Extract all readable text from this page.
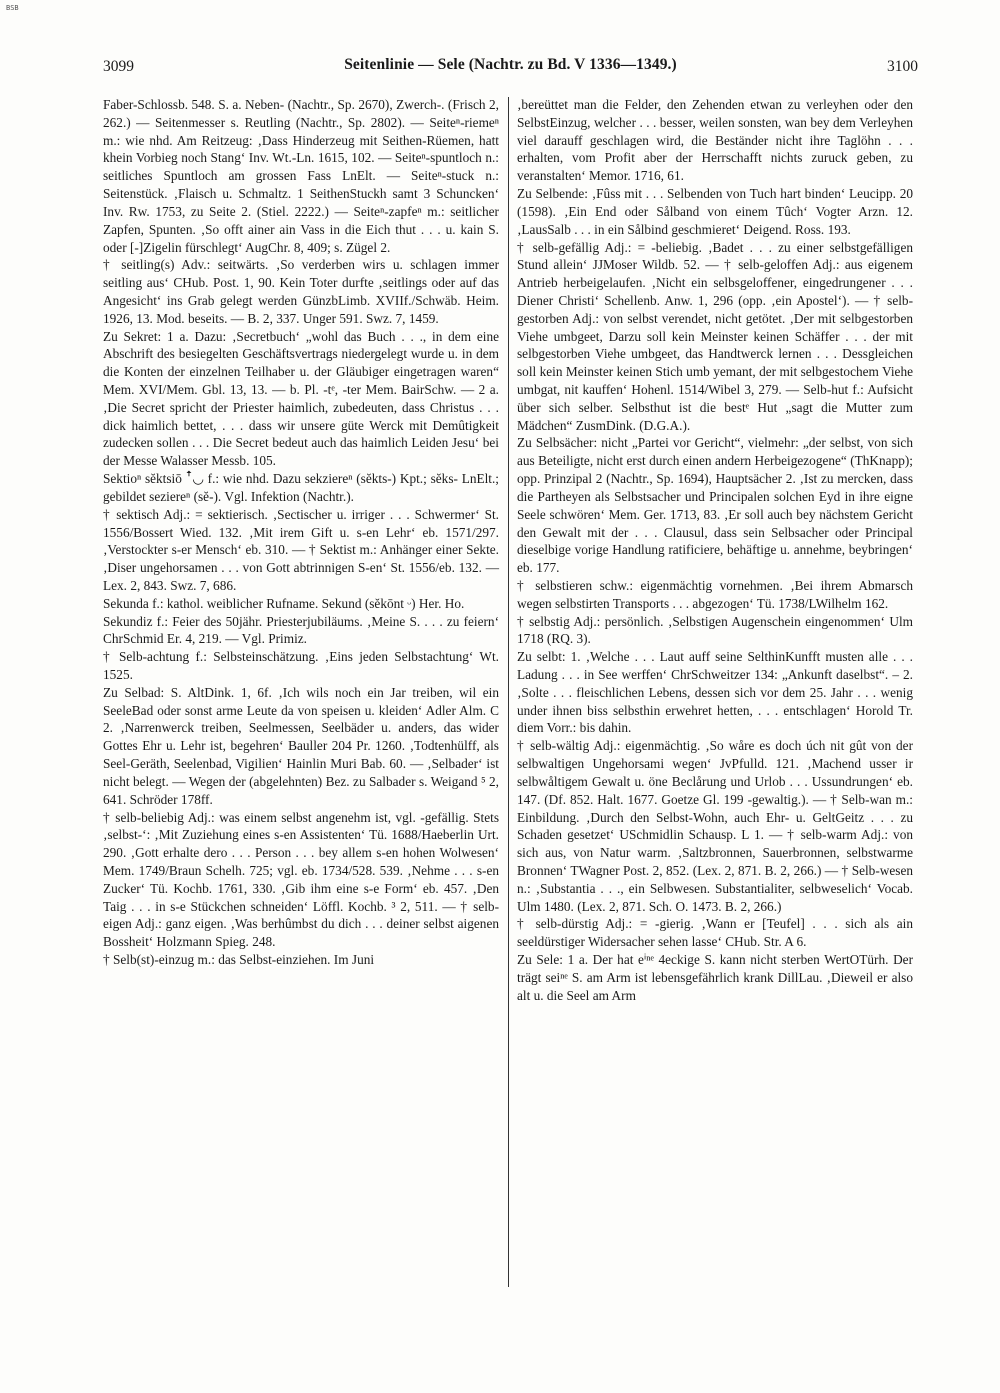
BSB
3099	Seitenlinie — Sele (Nachtr. zu Bd. V 1336—1349.)	3100

Faber-Schlossb. 548. S. a. Neben- (Nachtr., Sp. 2670), Zwerch-. (Frisch 2, 262.) — Seitenmesser s. Reutling (Nachtr., Sp. 2802). — Seiteⁿ-riemeⁿ m.: wie nhd. Am Reitzeug: ‚Dass Hinderzeug mit Seithen-Rüemen, hatt khein Vorbieg noch Stang‘ Inv. Wt.-Ln. 1615, 102. — Seiteⁿ-spuntloch n.: seitliches Spuntloch am grossen Fass LnElt. — Seiteⁿ-stuck n.: Seitenstück. ‚Flaisch u. Schmaltz. 1 SeithenStuckh samt 3 Schuncken‘ Inv. Rw. 1753, zu Seite 2. (Stiel. 2222.) — Seiteⁿ-zapfeⁿ m.: seitlicher Zapfen, Spunten. ‚So offt ainer ain Vass in die Eich thut . . . u. kain S. oder [-]Zigelin fürschlegt‘ AugChr. 8, 409; s. Zügel 2.

† seitling(s) Adv.: seitwärts. ‚So verderben wirs u. schlagen immer seitling aus‘ CHub. Post. 1, 90. Kein Toter durfte ‚seitlings oder auf das Angesicht‘ ins Grab gelegt werden GünzbLimb. XVIIf./Schwäb. Heim. 1926, 13. Mod. beseits. — B. 2, 337. Unger 591. Swz. 7, 1459.

Zu Sekret: 1 a. Dazu: ‚Secretbuch‘ „wohl das Buch . . ., in dem eine Abschrift des besiegelten Geschäftsvertrags niedergelegt wurde u. in dem die Konten der einzelnen Teilhaber u. der Gläubiger eingetragen waren“ Mem. XVI/Mem. Gbl. 13, 13. — b. Pl. -tᵉ, -ter Mem. BairSchw. — 2 a. ‚Die Secret spricht der Priester haimlich, zubedeuten, dass Christus . . . dick haimlich bettet, . . . dass wir unsere güte Werck mit Demûtigkeit zudecken sollen . . . Die Secret bedeut auch das haimlich Leiden Jesu‘ bei der Messe Walasser Messb. 105.

Sektioⁿ sĕktsiō ꜛ◡ f.: wie nhd. Dazu sekziereⁿ (sĕkts-) Kpt.; sĕks- LnElt.; gebildet seziereⁿ (sĕ-). Vgl. Infektion (Nachtr.).

† sektisch Adj.: = sektierisch. ‚Sectischer u. irriger . . . Schwermer‘ St. 1556/Bossert Wied. 132. ‚Mit irem Gift u. s-en Lehr‘ eb. 1571/297. ‚Verstockter s-er Mensch‘ eb. 310. — † Sektist m.: Anhänger einer Sekte. ‚Diser ungehorsamen . . . von Gott abtrinnigen S-en‘ St. 1556/eb. 132. — Lex. 2, 843. Swz. 7, 686.

Sekunda f.: kathol. weiblicher Rufname. Sekund (sĕkōnt ᵕ) Her. Ho.

Sekundiz f.: Feier des 50jähr. Priesterjubiläums. ‚Meine S. . . . zu feiern‘ ChrSchmid Er. 4, 219. — Vgl. Primiz.

† Selb-achtung f.: Selbsteinschätzung. ‚Eins jeden Selbstachtung‘ Wt. 1525.

Zu Selbad: S. AltDink. 1, 6f. ‚Ich wils noch ein Jar treiben, wil ein SeeleBad oder sonst arme Leute da von speisen u. kleiden‘ Adler Alm. C 2. ‚Narrenwerck treiben, Seelmessen, Seelbäder u. anders, das wider Gottes Ehr u. Lehr ist, begehren‘ Bauller 204 Pr. 1260. ‚Todtenhülff, als Seel-Geräth, Seelenbad, Vigilien‘ Hainlin Muri Bab. 60. — ‚Selbader‘ ist nicht belegt. — Wegen der (abgelehnten) Bez. zu Salbader s. Weigand ⁵ 2, 641. Schröder 178ff.

† selb-beliebig Adj.: was einem selbst angenehm ist, vgl. -gefällig. Stets ‚selbst-‘: ‚Mit Zuziehung eines s-en Assistenten‘ Tü. 1688/Haeberlin Urt. 290. ‚Gott erhalte dero . . . Person . . . bey allem s-en hohen Wolwesen‘ Mem. 1749/Braun Schelh. 725; vgl. eb. 1734/528. 539. ‚Nehme . . . s-en Zucker‘ Tü. Kochb. 1761, 330. ‚Gib ihm eine s-e Form‘ eb. 457. ‚Den Taig . . . in s-e Stückchen schneiden‘ Löffl. Kochb. ³ 2, 511. — † selb-eigen Adj.: ganz eigen. ‚Was berhûmbst du dich . . . deiner selbst aigenen Bossheit‘ Holzmann Spieg. 248.

† Selb(st)-einzug m.: das Selbst-einziehen. Im Juni

‚bereüttet man die Felder, den Zehenden etwan zu verleyhen oder den SelbstEinzug, welcher . . . besser, weilen sonsten, wan bey dem Verleyhen viel darauff geschlagen wird, die Beständer nicht ihre Taglöhn . . . erhalten, vom Profit aber der Herrschafft nichts zuruck geben, zu veranstalten‘ Memor. 1716, 61.

Zu Selbende: ‚Fûss mit . . . Selbenden von Tuch hart binden‘ Leucipp. 20 (1598). ‚Ein End oder Sålband von einem Tûch‘ Vogter Arzn. 12. ‚LausSalb . . . in ein Sålbind geschmieret‘ Deigend. Ross. 193.

† selb-gefällig Adj.: = -beliebig. ‚Badet . . . zu einer selbstgefälligen Stund allein‘ JJMoser Wildb. 52. — † selb-geloffen Adj.: aus eigenem Antrieb herbeigelaufen. ‚Nicht ein selbsgeloffener, eingedrungener . . . Diener Christi‘ Schellenb. Anw. 1, 296 (opp. ‚ein Apostel‘). — † selb-gestorben Adj.: von selbst verendet, nicht getötet. ‚Der mit selbgestorben Viehe umbgeet, Darzu soll kein Meinster keinen Schäffer . . . der mit selbgestorben Viehe umbgeet, das Handtwerck lernen . . . Dessgleichen soll kein Meinster keinen Stich umb yemant, der mit selbgestochem Viehe umbgat, nit kauffen‘ Hohenl. 1514/Wibel 3, 279. — Selb-hut f.: Aufsicht über sich selber. Selbsthut ist die bestᵉ Hut „sagt die Mutter zum Mädchen“ ZusmDink. (D.G.A.).

Zu Selbsächer: nicht „Partei vor Gericht“, vielmehr: „der selbst, von sich aus Beteiligte, nicht erst durch einen andern Herbeigezogene“ (ThKnapp); opp. Prinzipal 2 (Nachtr., Sp. 1694), Hauptsächer 2. ‚Ist zu mercken, dass die Partheyen als Selbstsacher und Principalen solchen Eyd in ihre eigne Seele schwören‘ Mem. Ger. 1713, 83. ‚Er soll auch bey nächstem Gericht den Gewalt mit der . . . Clausul, dass sein Selbsacher oder Principal dieselbige vorige Handlung ratificiere, behäftige u. annehme, beybringen‘ eb. 177.

† selbstieren schw.: eigenmächtig vornehmen. ‚Bei ihrem Abmarsch wegen selbstirten Transports . . . abgezogen‘ Tü. 1738/LWilhelm 162.

† selbstig Adj.: persönlich. ‚Selbstigen Augenschein eingenommen‘ Ulm 1718 (RQ. 3).

Zu selbt: 1. ‚Welche . . . Laut auff seine SelthinKunfft musten alle . . . Ladung . . . in See werffen‘ ChrSchweitzer 134: „Ankunft daselbst“. – 2. ‚Solte . . . fleischlichen Lebens, dessen sich vor dem 25. Jahr . . . wenig under ihnen biss selbsthin erwehret hetten, . . . entschlagen‘ Horold Tr. diem Vorr.: bis dahin.

† selb-wältig Adj.: eigenmächtig. ‚So wåre es doch úch nit gût von der selbwaltigen Ungehorsami wegen‘ JvPfulld. 121. ‚Machend usser ir selbwåltigem Gewalt u. öne Beclårung und Urlob . . . Ussundrungen‘ eb. 147. (Df. 852. Halt. 1677. Goetze Gl. 199 -gewaltig.). — † Selb-wan m.: Einbildung. ‚Durch den Selbst-Wohn, auch Ehr- u. GeltGeitz . . . zu Schaden gesetzet‘ USchmidlin Schausp. L 1. — † selb-warm Adj.: von sich aus, von Natur warm. ‚Saltzbronnen, Sauerbronnen, selbstwarme Bronnen‘ TWagner Post. 2, 852. (Lex. 2, 871. B. 2, 266.) — † Selb-wesen n.: ‚Substantia . . ., ein Selbwesen. Substantialiter, selbweselich‘ Vocab. Ulm 1480. (Lex. 2, 871. Sch. O. 1473. B. 2, 266.)

† selb-dürstig Adj.: = -gierig. ‚Wann er [Teufel] . . . sich als ain seeldürstiger Widersacher sehen lasse‘ CHub. Str. A 6.

Zu Sele: 1 a. Der hat eⁱⁿᵉ 4eckige S. kann nicht sterben WertOTürh. Der trägt seiⁿᵉ S. am Arm ist lebensgefährlich krank DillLau. ‚Dieweil er also alt u. die Seel am Arm
